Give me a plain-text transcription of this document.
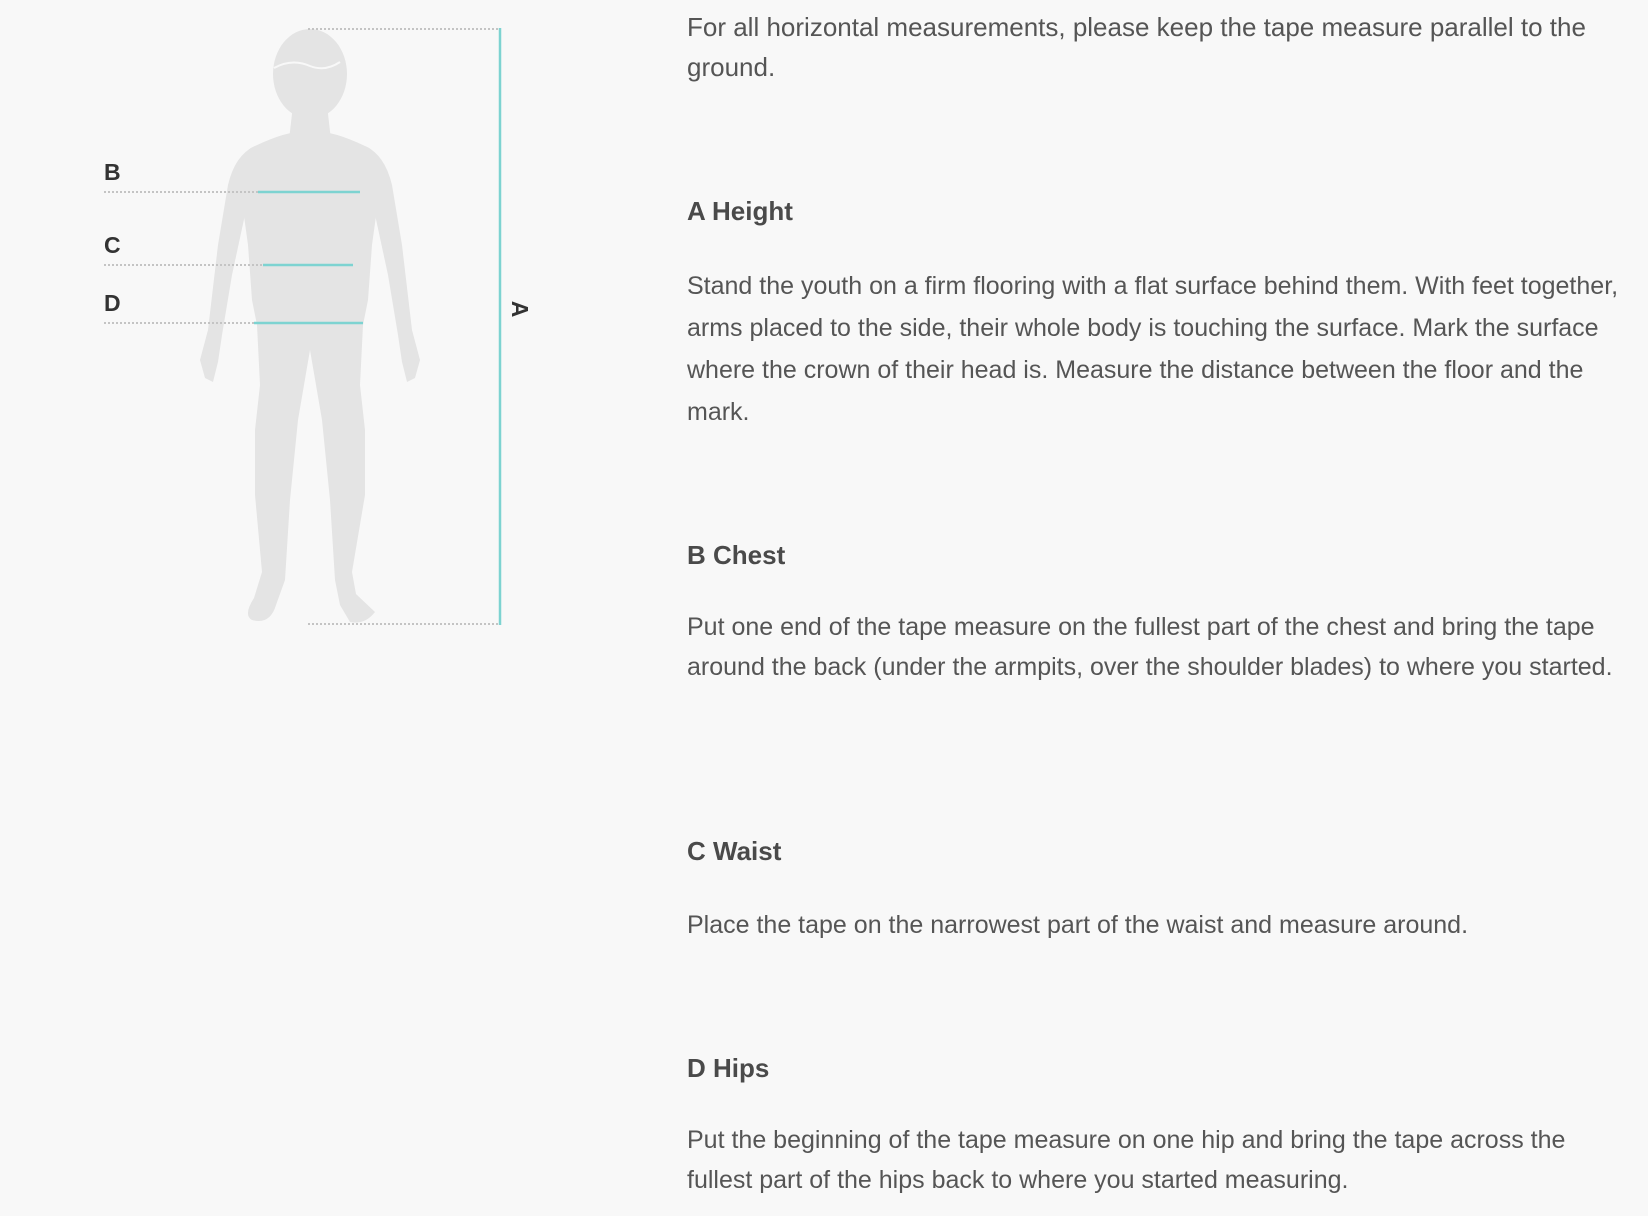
B
C
D	A

For all horizontal measurements, please keep the tape measure parallel to the ground.

A Height

Stand the youth on a firm flooring with a flat surface behind them. With feet together, arms placed to the side, their whole body is touching the surface. Mark the surface where the crown of their head is. Measure the distance between the floor and the mark.

B Chest

Put one end of the tape measure on the fullest part of the chest and bring the tape around the back (under the armpits, over the shoulder blades) to where you started.

C Waist

Place the tape on the narrowest part of the waist and measure around.

D Hips

Put the beginning of the tape measure on one hip and bring the tape across the fullest part of the hips back to where you started measuring.
